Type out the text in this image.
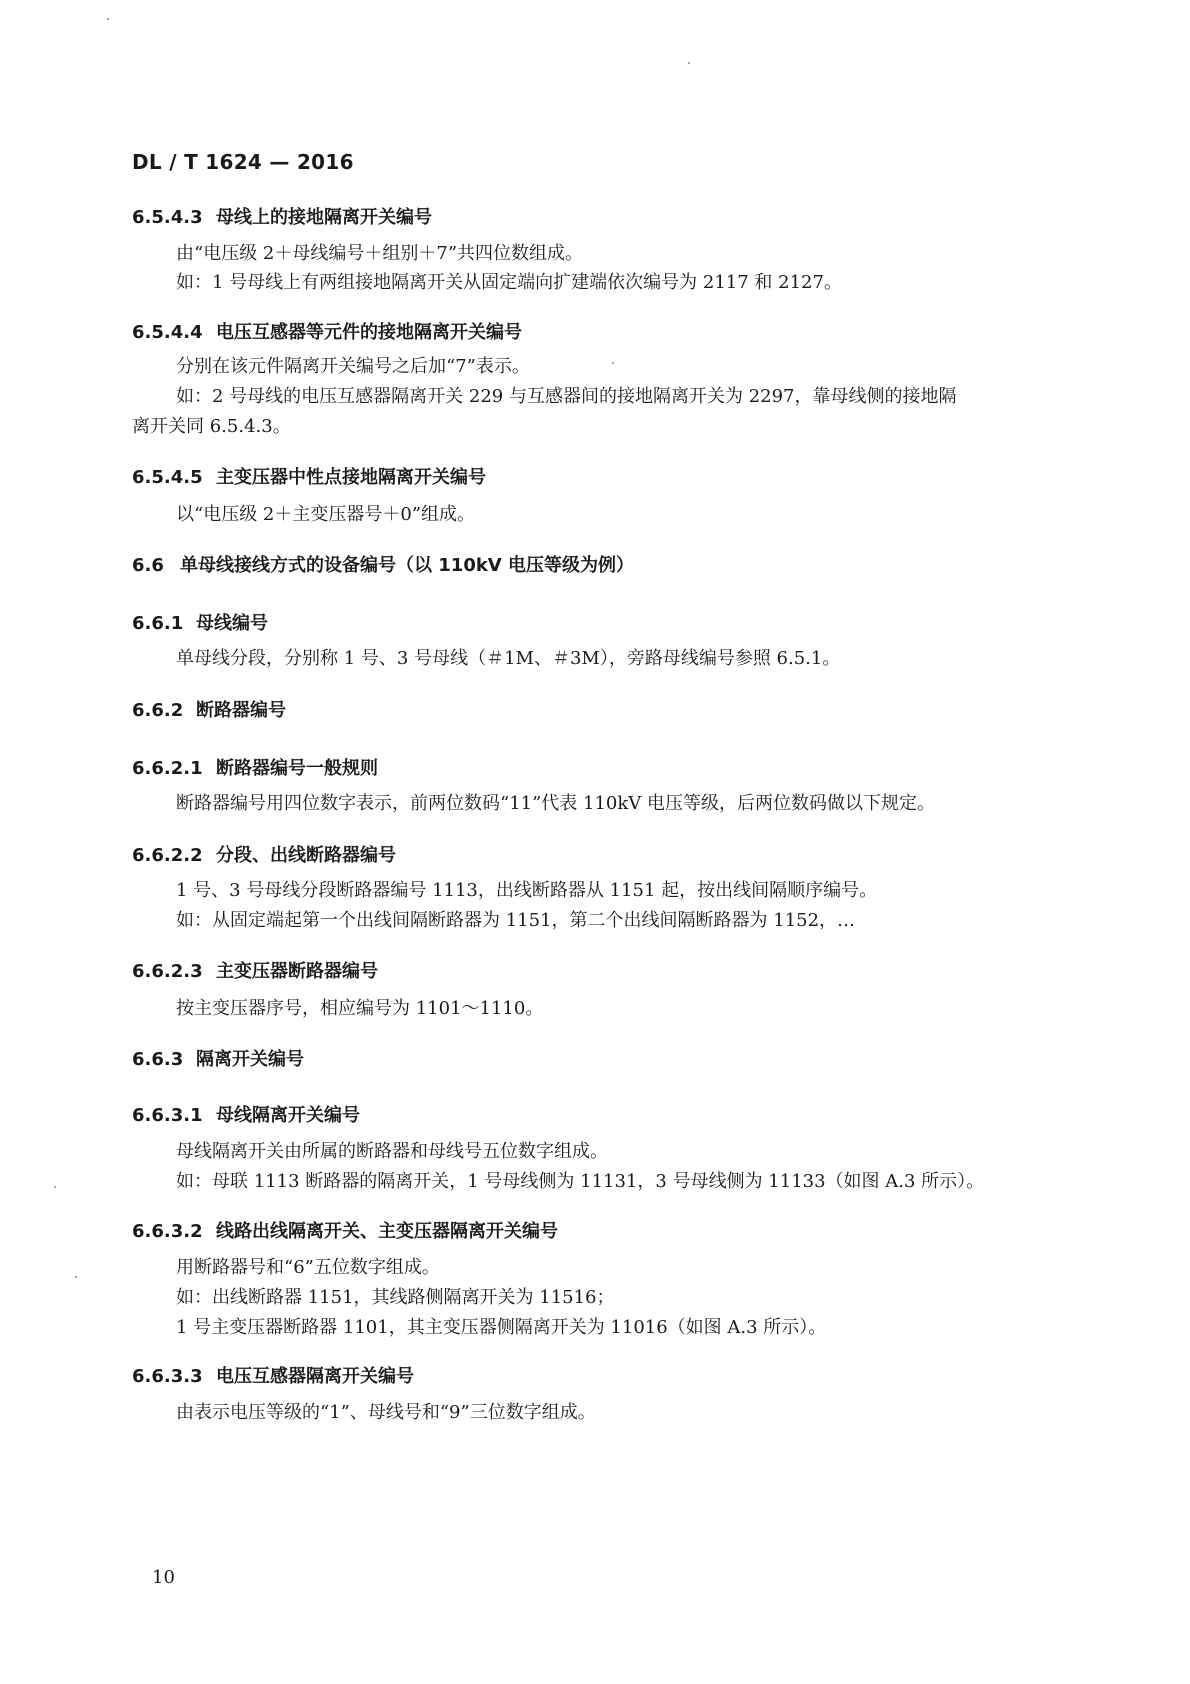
DL / T 1624 — 2016
6.5.4.3 母线上的接地隔离开关编号
由“电压级 2＋母线编号＋组别＋7”共四位数组成。
如：1 号母线上有两组接地隔离开关从固定端向扩建端依次编号为 2117 和 2127。
6.5.4.4 电压互感器等元件的接地隔离开关编号
分别在该元件隔离开关编号之后加“7”表示。
如：2 号母线的电压互感器隔离开关 229 与互感器间的接地隔离开关为 2297，靠母线侧的接地隔
离开关同 6.5.4.3。
6.5.4.5 主变压器中性点接地隔离开关编号
以“电压级 2＋主变压器号＋0”组成。
6.6 单母线接线方式的设备编号（以 110kV 电压等级为例）
6.6.1 母线编号
单母线分段，分别称 1 号、3 号母线（＃1M、＃3M），旁路母线编号参照 6.5.1。
6.6.2 断路器编号
6.6.2.1 断路器编号一般规则
断路器编号用四位数字表示，前两位数码“11”代表 110kV 电压等级，后两位数码做以下规定。
6.6.2.2 分段、出线断路器编号
1 号、3 号母线分段断路器编号 1113，出线断路器从 1151 起，按出线间隔顺序编号。
如：从固定端起第一个出线间隔断路器为 1151，第二个出线间隔断路器为 1152，…
6.6.2.3 主变压器断路器编号
按主变压器序号，相应编号为 1101～1110。
6.6.3 隔离开关编号
6.6.3.1 母线隔离开关编号
母线隔离开关由所属的断路器和母线号五位数字组成。
如：母联 1113 断路器的隔离开关，1 号母线侧为 11131，3 号母线侧为 11133（如图 A.3 所示）。
6.6.3.2 线路出线隔离开关、主变压器隔离开关编号
用断路器号和“6”五位数字组成。
如：出线断路器 1151，其线路侧隔离开关为 11516；
1 号主变压器断路器 1101，其主变压器侧隔离开关为 11016（如图 A.3 所示）。
6.6.3.3 电压互感器隔离开关编号
由表示电压等级的“1”、母线号和“9”三位数字组成。
10
